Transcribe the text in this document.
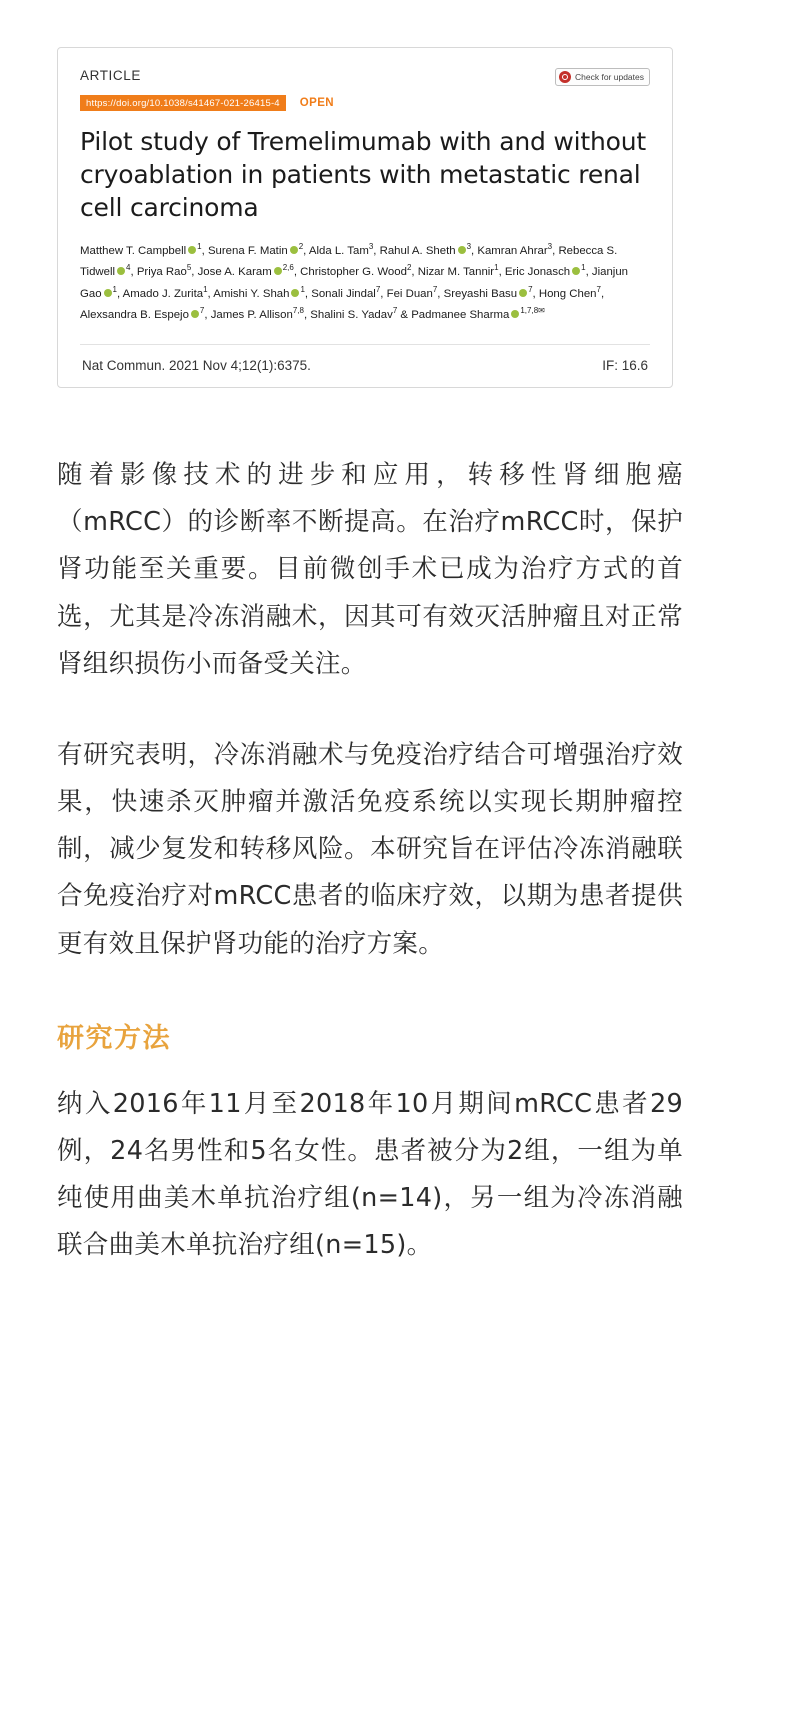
ARTICLE	Check for updates
https://doi.org/10.1038/s41467-021-26415-4	OPEN
Pilot study of Tremelimumab with and without cryoablation in patients with metastatic renal cell carcinoma
Matthew T. Campbell $^1$, Surena F. Matin $^2$, Alda L. Tam$^3$, Rahul A. Sheth $^3$, Kamran Ahrar$^3$, Rebecca S. Tidwell $^4$, Priya Rao$^5$, Jose A. Karam $^{2,6}$, Christopher G. Wood$^2$, Nizar M. Tannir$^1$, Eric Jonasch $^1$, Jianjun Gao $^1$, Amado J. Zurita$^1$, Amishi Y. Shah $^1$, Sonali Jindal$^7$, Fei Duan$^7$, Sreyashi Basu $^7$, Hong Chen$^7$, Alexsandra B. Espejo $^7$, James P. Allison$^{7,8}$, Shalini S. Yadav$^7$ & Padmanee Sharma $^{1,7,8✉}$
Nat Commun. 2021 Nov 4;12(1):6375.	IF: 16.6

随着影像技术的进步和应用，转移性肾细胞癌（mRCC）的诊断率不断提高。在治疗mRCC时，保护肾功能至关重要。目前微创手术已成为治疗方式的首选，尤其是冷冻消融术，因其可有效灭活肿瘤且对正常肾组织损伤小而备受关注。

有研究表明，冷冻消融术与免疫治疗结合可增强治疗效果，快速杀灭肿瘤并激活免疫系统以实现长期肿瘤控制，减少复发和转移风险。本研究旨在评估冷冻消融联合免疫治疗对mRCC患者的临床疗效，以期为患者提供更有效且保护肾功能的治疗方案。

研究方法

纳入2016年11月至2018年10月期间mRCC患者29例，24名男性和5名女性。患者被分为2组，一组为单纯使用曲美木单抗治疗组(n=14)，另一组为冷冻消融联合曲美木单抗治疗组(n=15)。
